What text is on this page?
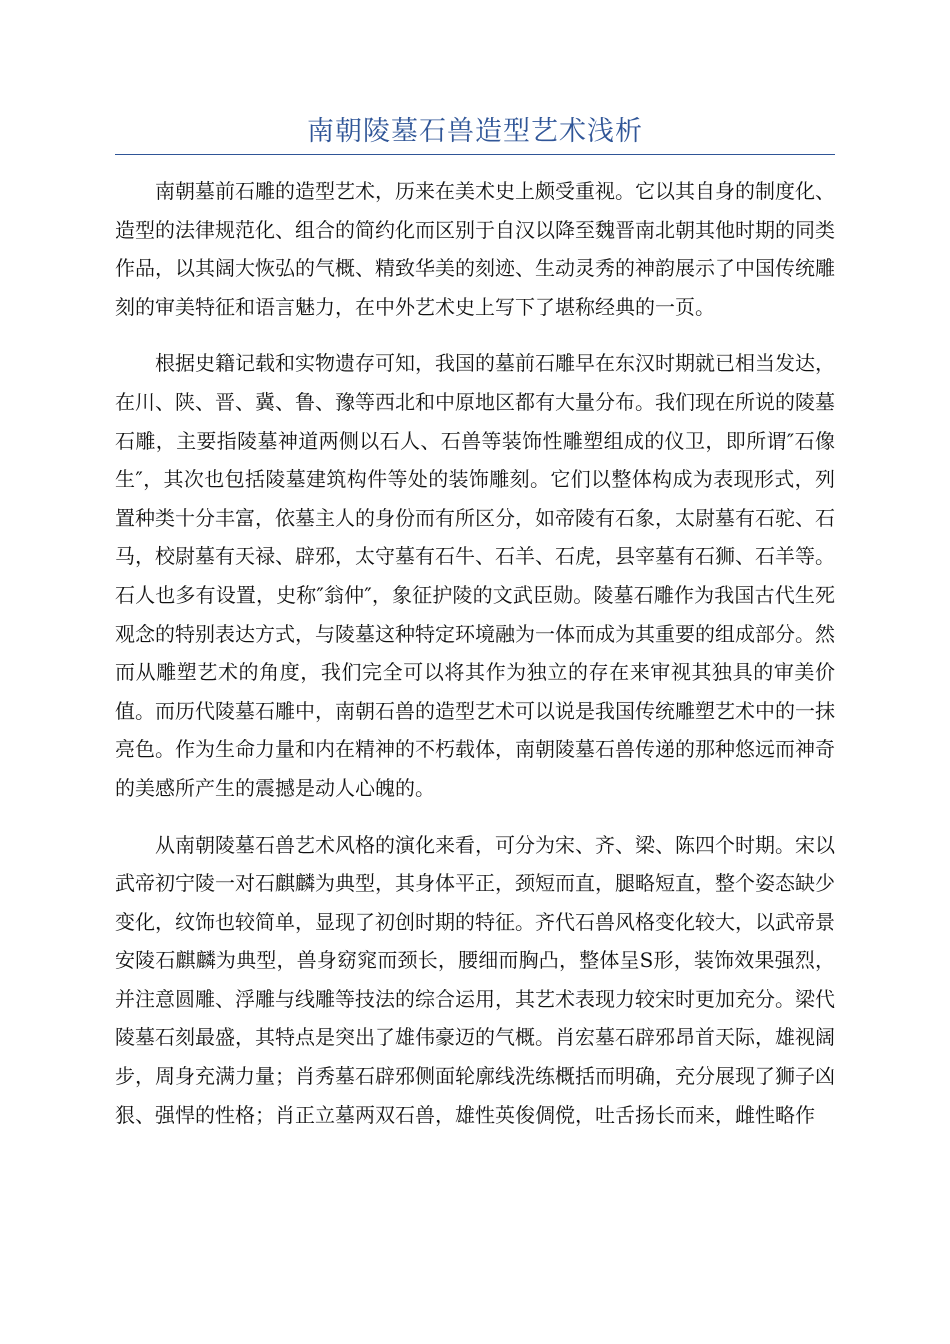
南朝陵墓石兽造型艺术浅析

南朝墓前石雕的造型艺术，历来在美术史上颇受重视。它以其自身的制度化、造型的法律规范化、组合的简约化而区别于自汉以降至魏晋南北朝其他时期的同类作品，以其阔大恢弘的气概、精致华美的刻迹、生动灵秀的神韵展示了中国传统雕刻的审美特征和语言魅力，在中外艺术史上写下了堪称经典的一页。

根据史籍记载和实物遗存可知，我国的墓前石雕早在东汉时期就已相当发达，在川、陕、晋、冀、鲁、豫等西北和中原地区都有大量分布。我们现在所说的陵墓石雕，主要指陵墓神道两侧以石人、石兽等装饰性雕塑组成的仪卫，即所谓″石像生″，其次也包括陵墓建筑构件等处的装饰雕刻。它们以整体构成为表现形式，列置种类十分丰富，依墓主人的身份而有所区分，如帝陵有石象，太尉墓有石驼、石马，校尉墓有天禄、辟邪，太守墓有石牛、石羊、石虎，县宰墓有石狮、石羊等。石人也多有设置，史称″翁仲″，象征护陵的文武臣勋。陵墓石雕作为我国古代生死观念的特别表达方式，与陵墓这种特定环境融为一体而成为其重要的组成部分。然而从雕塑艺术的角度，我们完全可以将其作为独立的存在来审视其独具的审美价值。而历代陵墓石雕中，南朝石兽的造型艺术可以说是我国传统雕塑艺术中的一抹亮色。作为生命力量和内在精神的不朽载体，南朝陵墓石兽传递的那种悠远而神奇的美感所产生的震撼是动人心魄的。

从南朝陵墓石兽艺术风格的演化来看，可分为宋、齐、梁、陈四个时期。宋以武帝初宁陵一对石麒麟为典型，其身体平正，颈短而直，腿略短直，整个姿态缺少变化，纹饰也较简单，显现了初创时期的特征。齐代石兽风格变化较大，以武帝景安陵石麒麟为典型，兽身窈窕而颈长，腰细而胸凸，整体呈S形，装饰效果强烈，并注意圆雕、浮雕与线雕等技法的综合运用，其艺术表现力较宋时更加充分。梁代陵墓石刻最盛，其特点是突出了雄伟豪迈的气概。肖宏墓石辟邪昂首天际，雄视阔步，周身充满力量；肖秀墓石辟邪侧面轮廓线洗练概括而明确，充分展现了狮子凶狠、强悍的性格；肖正立墓两双石兽，雄性英俊倜傥，吐舌扬长而来，雌性略作
